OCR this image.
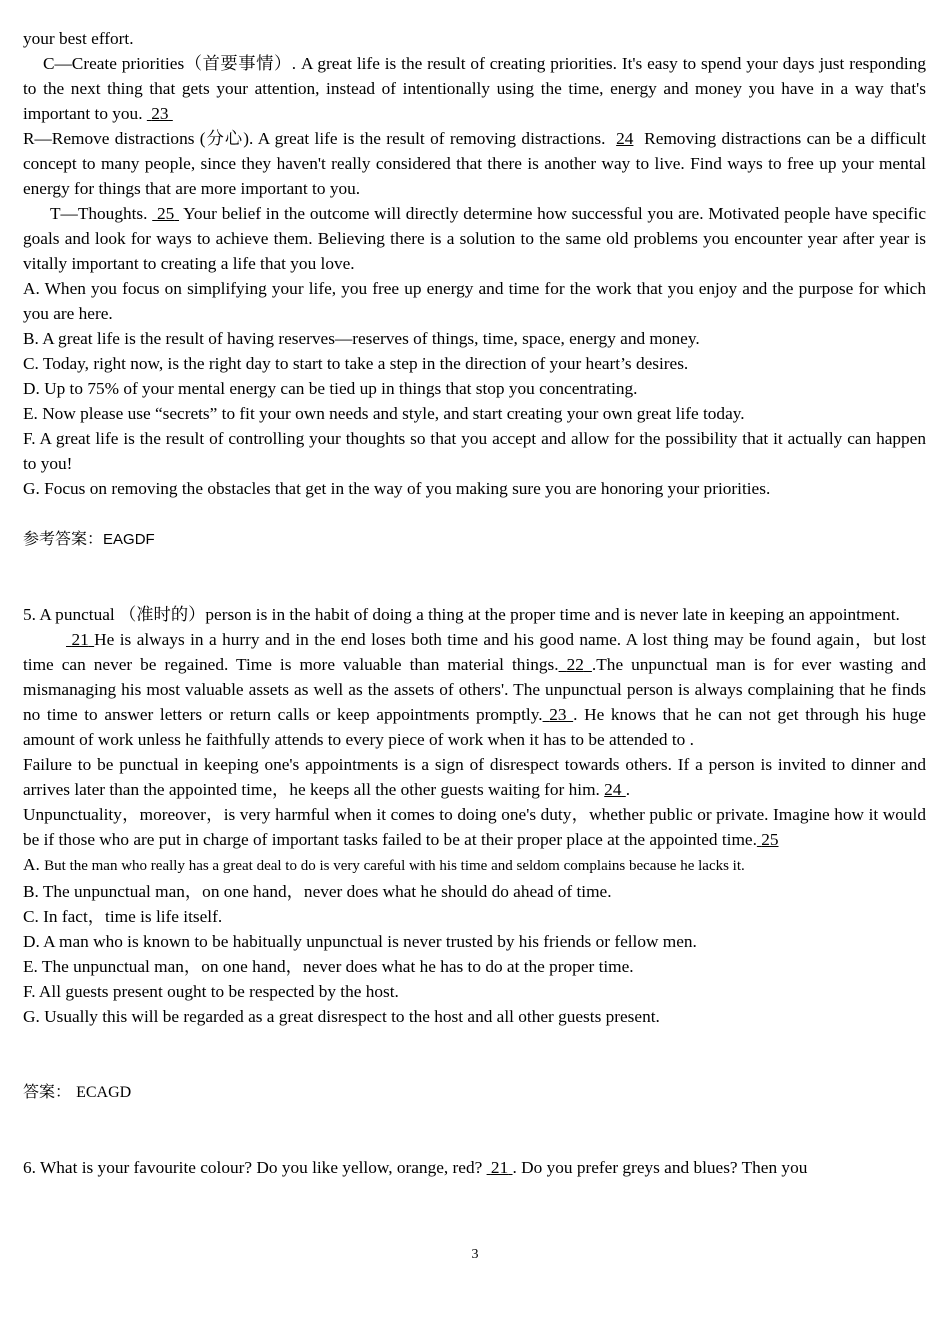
your best effort.

C—Create priorities（首要事情）. A great life is the result of creating priorities. It's easy to spend your days just responding to the next thing that gets your attention, instead of intentionally using the time, energy and money you have in a way that's important to you. 23

R—Remove distractions (分心). A great life is the result of removing distractions. 24 Removing distractions can be a difficult concept to many people, since they haven't really considered that there is another way to live. Find ways to free up your mental energy for things that are more important to you.

T—Thoughts. 25 Your belief in the outcome will directly determine how successful you are. Motivated people have specific goals and look for ways to achieve them. Believing there is a solution to the same old problems you encounter year after year is vitally important to creating a life that you love.

A. When you focus on simplifying your life, you free up energy and time for the work that you enjoy and the purpose for which you are here.

B. A great life is the result of having reserves—reserves of things, time, space, energy and money.

C. Today, right now, is the right day to start to take a step in the direction of your heart’s desires.

D. Up to 75% of your mental energy can be tied up in things that stop you concentrating.

E. Now please use “secrets” to fit your own needs and style, and start creating your own great life today.

F. A great life is the result of controlling your thoughts so that you accept and allow for the possibility that it actually can happen to you!

G. Focus on removing the obstacles that get in the way of you making sure you are honoring your priorities.

参考答案：EAGDF

5. A punctual （准时的）person is in the habit of doing a thing at the proper time and is never late in keeping an appointment.

21 He is always in a hurry and in the end loses both time and his good name. A lost thing may be found again，but lost time can never be regained. Time is more valuable than material things. 22 .The unpunctual man is for ever wasting and mismanaging his most valuable assets as well as the assets of others'. The unpunctual person is always complaining that he finds no time to answer letters or return calls or keep appointments promptly. 23 . He knows that he can not get through his huge amount of work unless he faithfully attends to every piece of work when it has to be attended to .

Failure to be punctual in keeping one's appointments is a sign of disrespect towards others. If a person is invited to dinner and arrives later than the appointed time，he keeps all the other guests waiting for him. 24 .

Unpunctuality，moreover，is very harmful when it comes to doing one's duty，whether public or private. Imagine how it would be if those who are put in charge of important tasks failed to be at their proper place at the appointed time. 25

A. But the man who really has a great deal to do is very careful with his time and seldom complains because he lacks it.

B. The unpunctual man，on one hand，never does what he should do ahead of time.

C. In fact，time is life itself.

D. A man who is known to be habitually unpunctual is never trusted by his friends or fellow men.

E. The unpunctual man，on one hand，never does what he has to do at the proper time.

F. All guests present ought to be respected by the host.

G. Usually this will be regarded as a great disrespect to the host and all other guests present.

答案： ECAGD

6. What is your favourite colour? Do you like yellow, orange, red? 21 . Do you prefer greys and blues? Then you

3
